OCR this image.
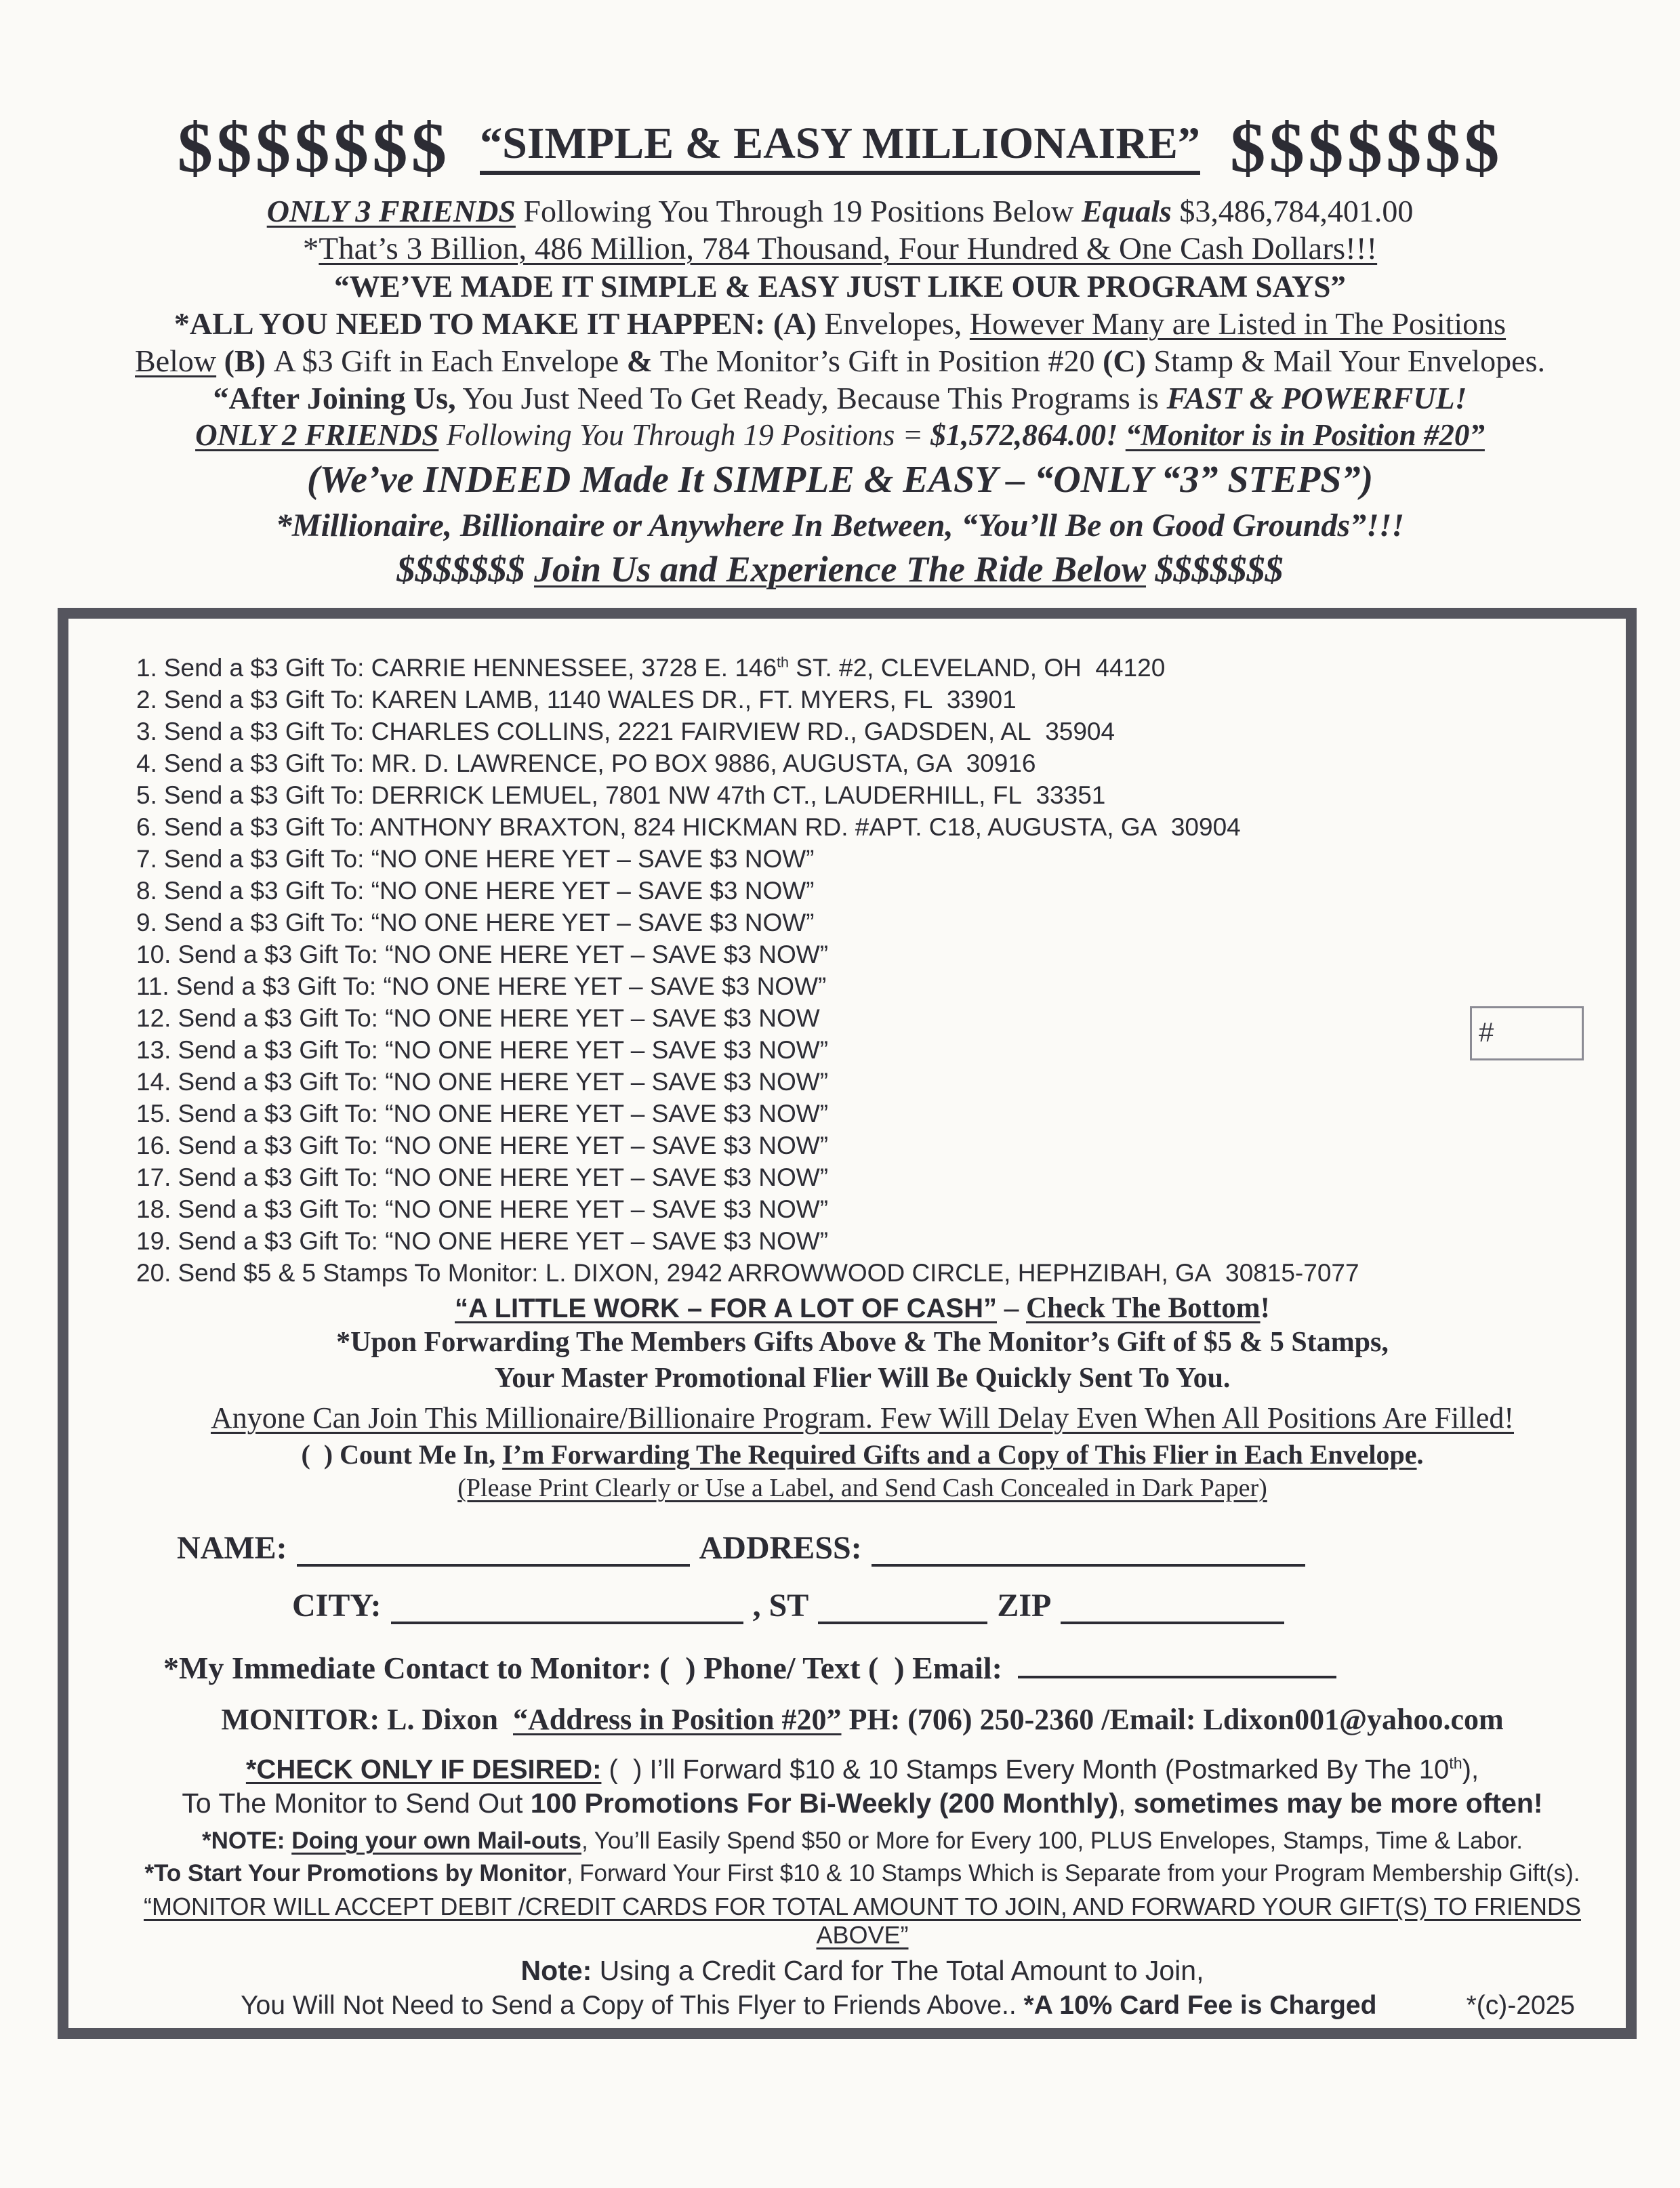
$$$$$$$ “SIMPLE & EASY MILLIONAIRE” $$$$$$$
ONLY 3 FRIENDS Following You Through 19 Positions Below Equals $3,486,784,401.00
*That’s 3 Billion, 486 Million, 784 Thousand, Four Hundred & One Cash Dollars!!!
“WE’VE MADE IT SIMPLE & EASY JUST LIKE OUR PROGRAM SAYS”
*ALL YOU NEED TO MAKE IT HAPPEN: (A) Envelopes, However Many are Listed in The Positions
Below (B) A $3 Gift in Each Envelope & The Monitor’s Gift in Position #20 (C) Stamp & Mail Your Envelopes.
“After Joining Us, You Just Need To Get Ready, Because This Programs is FAST & POWERFUL!
ONLY 2 FRIENDS Following You Through 19 Positions = $1,572,864.00! “Monitor is in Position #20”
(We’ve INDEED Made It SIMPLE & EASY – “ONLY “3” STEPS”)
*Millionaire, Billionaire or Anywhere In Between, “You’ll Be on Good Grounds”!!!
$$$$$$$ Join Us and Experience The Ride Below $$$$$$$
1. Send a $3 Gift To: CARRIE HENNESSEE, 3728 E. 146th ST. #2, CLEVELAND, OH  44120
2. Send a $3 Gift To: KAREN LAMB, 1140 WALES DR., FT. MYERS, FL  33901
3. Send a $3 Gift To: CHARLES COLLINS, 2221 FAIRVIEW RD., GADSDEN, AL  35904
4. Send a $3 Gift To: MR. D. LAWRENCE, PO BOX 9886, AUGUSTA, GA  30916
5. Send a $3 Gift To: DERRICK LEMUEL, 7801 NW 47th CT., LAUDERHILL, FL  33351
6. Send a $3 Gift To: ANTHONY BRAXTON, 824 HICKMAN RD. #APT. C18, AUGUSTA, GA  30904
7. Send a $3 Gift To: “NO ONE HERE YET – SAVE $3 NOW”
8. Send a $3 Gift To: “NO ONE HERE YET – SAVE $3 NOW”
9. Send a $3 Gift To: “NO ONE HERE YET – SAVE $3 NOW”
10. Send a $3 Gift To: “NO ONE HERE YET – SAVE $3 NOW”
11. Send a $3 Gift To: “NO ONE HERE YET – SAVE $3 NOW”
12. Send a $3 Gift To: “NO ONE HERE YET – SAVE $3 NOW
13. Send a $3 Gift To: “NO ONE HERE YET – SAVE $3 NOW”
14. Send a $3 Gift To: “NO ONE HERE YET – SAVE $3 NOW”
15. Send a $3 Gift To: “NO ONE HERE YET – SAVE $3 NOW”
16. Send a $3 Gift To: “NO ONE HERE YET – SAVE $3 NOW”
17. Send a $3 Gift To: “NO ONE HERE YET – SAVE $3 NOW”
18. Send a $3 Gift To: “NO ONE HERE YET – SAVE $3 NOW”
19. Send a $3 Gift To: “NO ONE HERE YET – SAVE $3 NOW”
20. Send $5 & 5 Stamps To Monitor: L. DIXON, 2942 ARROWWOOD CIRCLE, HEPHZIBAH, GA  30815-7077
#
“A LITTLE WORK – FOR A LOT OF CASH” – Check The Bottom!
*Upon Forwarding The Members Gifts Above & The Monitor’s Gift of $5 & 5 Stamps,
Your Master Promotional Flier Will Be Quickly Sent To You.
Anyone Can Join This Millionaire/Billionaire Program. Few Will Delay Even When All Positions Are Filled!
(  ) Count Me In, I’m Forwarding The Required Gifts and a Copy of This Flier in Each Envelope.
(Please Print Clearly or Use a Label, and Send Cash Concealed in Dark Paper)
NAME:	ADDRESS:
CITY:	, ST	ZIP
*My Immediate Contact to Monitor: (  ) Phone/ Text (  ) Email:
MONITOR: L. Dixon  “Address in Position #20” PH: (706) 250-2360 /Email: Ldixon001@yahoo.com
*CHECK ONLY IF DESIRED: (  ) I’ll Forward $10 & 10 Stamps Every Month (Postmarked By The 10th),
To The Monitor to Send Out 100 Promotions For Bi-Weekly (200 Monthly), sometimes may be more often!
*NOTE: Doing your own Mail-outs, You’ll Easily Spend $50 or More for Every 100, PLUS Envelopes, Stamps, Time & Labor.
*To Start Your Promotions by Monitor, Forward Your First $10 & 10 Stamps Which is Separate from your Program Membership Gift(s).
“MONITOR WILL ACCEPT DEBIT /CREDIT CARDS FOR TOTAL AMOUNT TO JOIN, AND FORWARD YOUR GIFT(S) TO FRIENDS ABOVE”
Note: Using a Credit Card for The Total Amount to Join,
You Will Not Need to Send a Copy of This Flyer to Friends Above.. *A 10% Card Fee is Charged	*(c)-2025
